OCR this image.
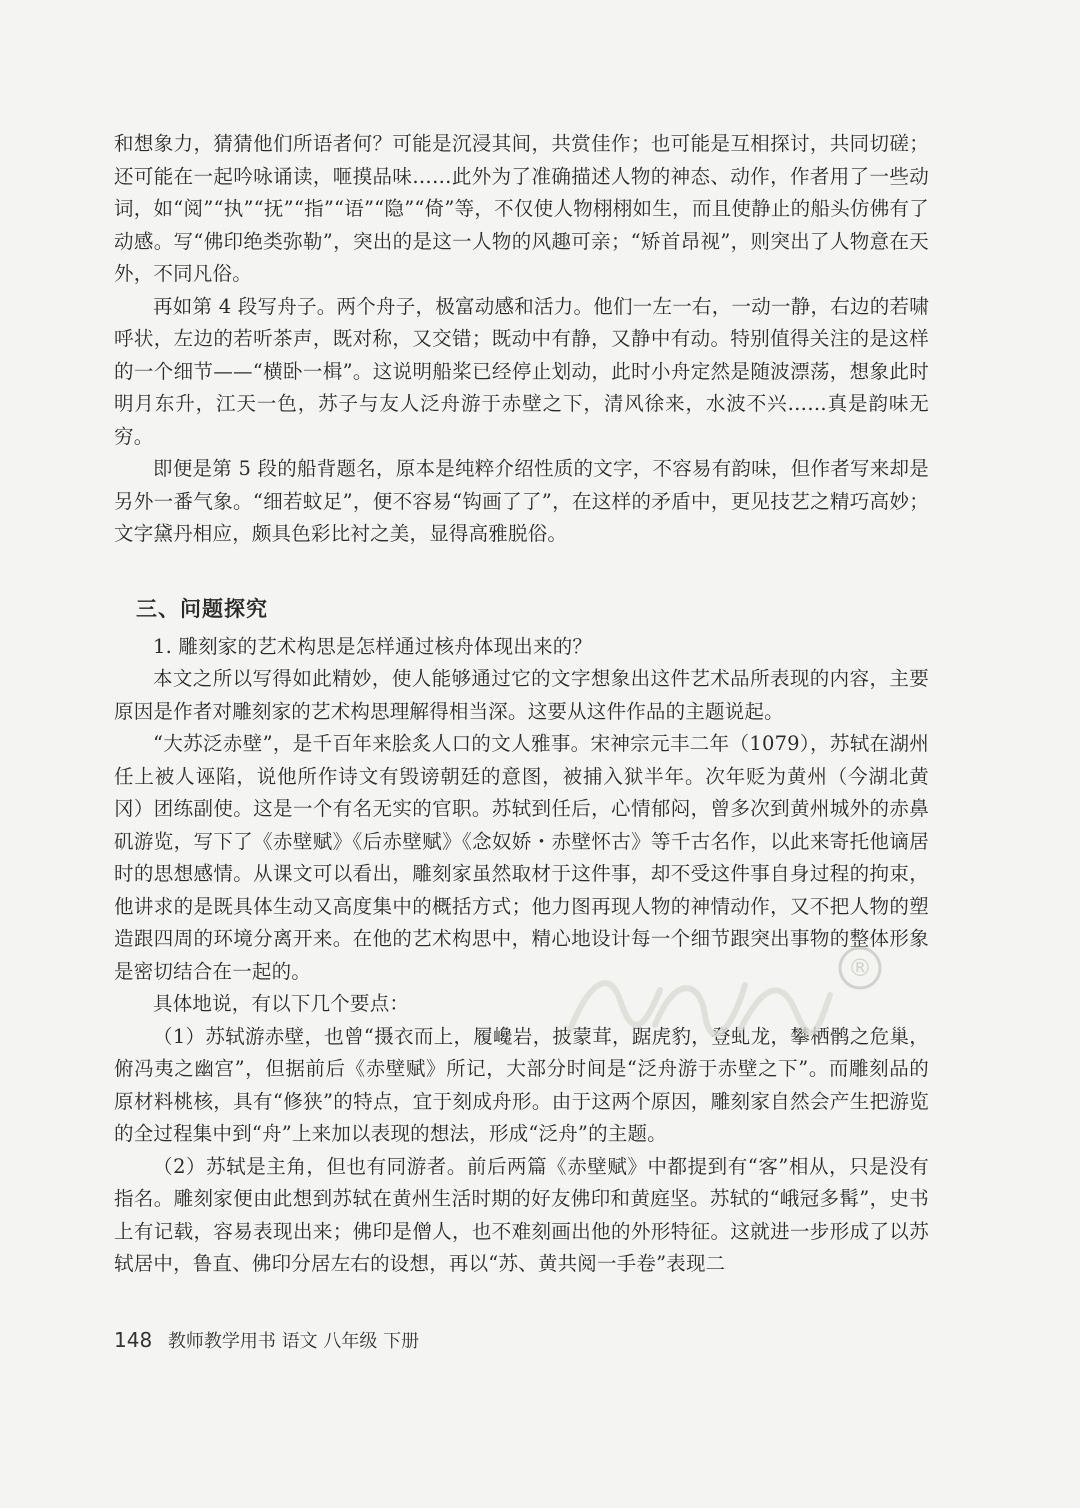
和想象力，猜猜他们所语者何？可能是沉浸其间，共赏佳作；也可能是互相探讨，共同切磋；还可能在一起吟咏诵读，咂摸品味……此外为了准确描述人物的神态、动作，作者用了一些动词，如“阅”“执”“抚”“指”“语”“隐”“倚”等，不仅使人物栩栩如生，而且使静止的船头仿佛有了动感。写“佛印绝类弥勒”，突出的是这一人物的风趣可亲；“矫首昂视”，则突出了人物意在天外，不同凡俗。

再如第 4 段写舟子。两个舟子，极富动感和活力。他们一左一右，一动一静，右边的若啸呼状，左边的若听茶声，既对称，又交错；既动中有静，又静中有动。特别值得关注的是这样的一个细节——“横卧一楫”。这说明船桨已经停止划动，此时小舟定然是随波漂荡，想象此时明月东升，江天一色，苏子与友人泛舟游于赤壁之下，清风徐来，水波不兴……真是韵味无穷。

即便是第 5 段的船背题名，原本是纯粹介绍性质的文字，不容易有韵味，但作者写来却是另外一番气象。“细若蚊足”，便不容易“钩画了了”，在这样的矛盾中，更见技艺之精巧高妙；文字黛丹相应，颇具色彩比衬之美，显得高雅脱俗。

三、问题探究

1. 雕刻家的艺术构思是怎样通过核舟体现出来的？

本文之所以写得如此精妙，使人能够通过它的文字想象出这件艺术品所表现的内容，主要原因是作者对雕刻家的艺术构思理解得相当深。这要从这件作品的主题说起。

“大苏泛赤壁”，是千百年来脍炙人口的文人雅事。宋神宗元丰二年（1079），苏轼在湖州任上被人诬陷，说他所作诗文有毁谤朝廷的意图，被捕入狱半年。次年贬为黄州（今湖北黄冈）团练副使。这是一个有名无实的官职。苏轼到任后，心情郁闷，曾多次到黄州城外的赤鼻矶游览，写下了《赤壁赋》《后赤壁赋》《念奴娇・赤壁怀古》等千古名作，以此来寄托他谪居时的思想感情。从课文可以看出，雕刻家虽然取材于这件事，却不受这件事自身过程的拘束，他讲求的是既具体生动又高度集中的概括方式；他力图再现人物的神情动作，又不把人物的塑造跟四周的环境分离开来。在他的艺术构思中，精心地设计每一个细节跟突出事物的整体形象是密切结合在一起的。

具体地说，有以下几个要点：

（1）苏轼游赤壁，也曾“摄衣而上，履巉岩，披蒙茸，踞虎豹，登虬龙，攀栖鹘之危巢，俯冯夷之幽宫”，但据前后《赤壁赋》所记，大部分时间是“泛舟游于赤壁之下”。而雕刻品的原材料桃核，具有“修狭”的特点，宜于刻成舟形。由于这两个原因，雕刻家自然会产生把游览的全过程集中到“舟”上来加以表现的想法，形成“泛舟”的主题。

（2）苏轼是主角，但也有同游者。前后两篇《赤壁赋》中都提到有“客”相从，只是没有指名。雕刻家便由此想到苏轼在黄州生活时期的好友佛印和黄庭坚。苏轼的“峨冠多髯”，史书上有记载，容易表现出来；佛印是僧人，也不难刻画出他的外形特征。这就进一步形成了以苏轼居中，鲁直、佛印分居左右的设想，再以“苏、黄共阅一手卷”表现二

®
148 教师教学用书 语文 八年级 下册
